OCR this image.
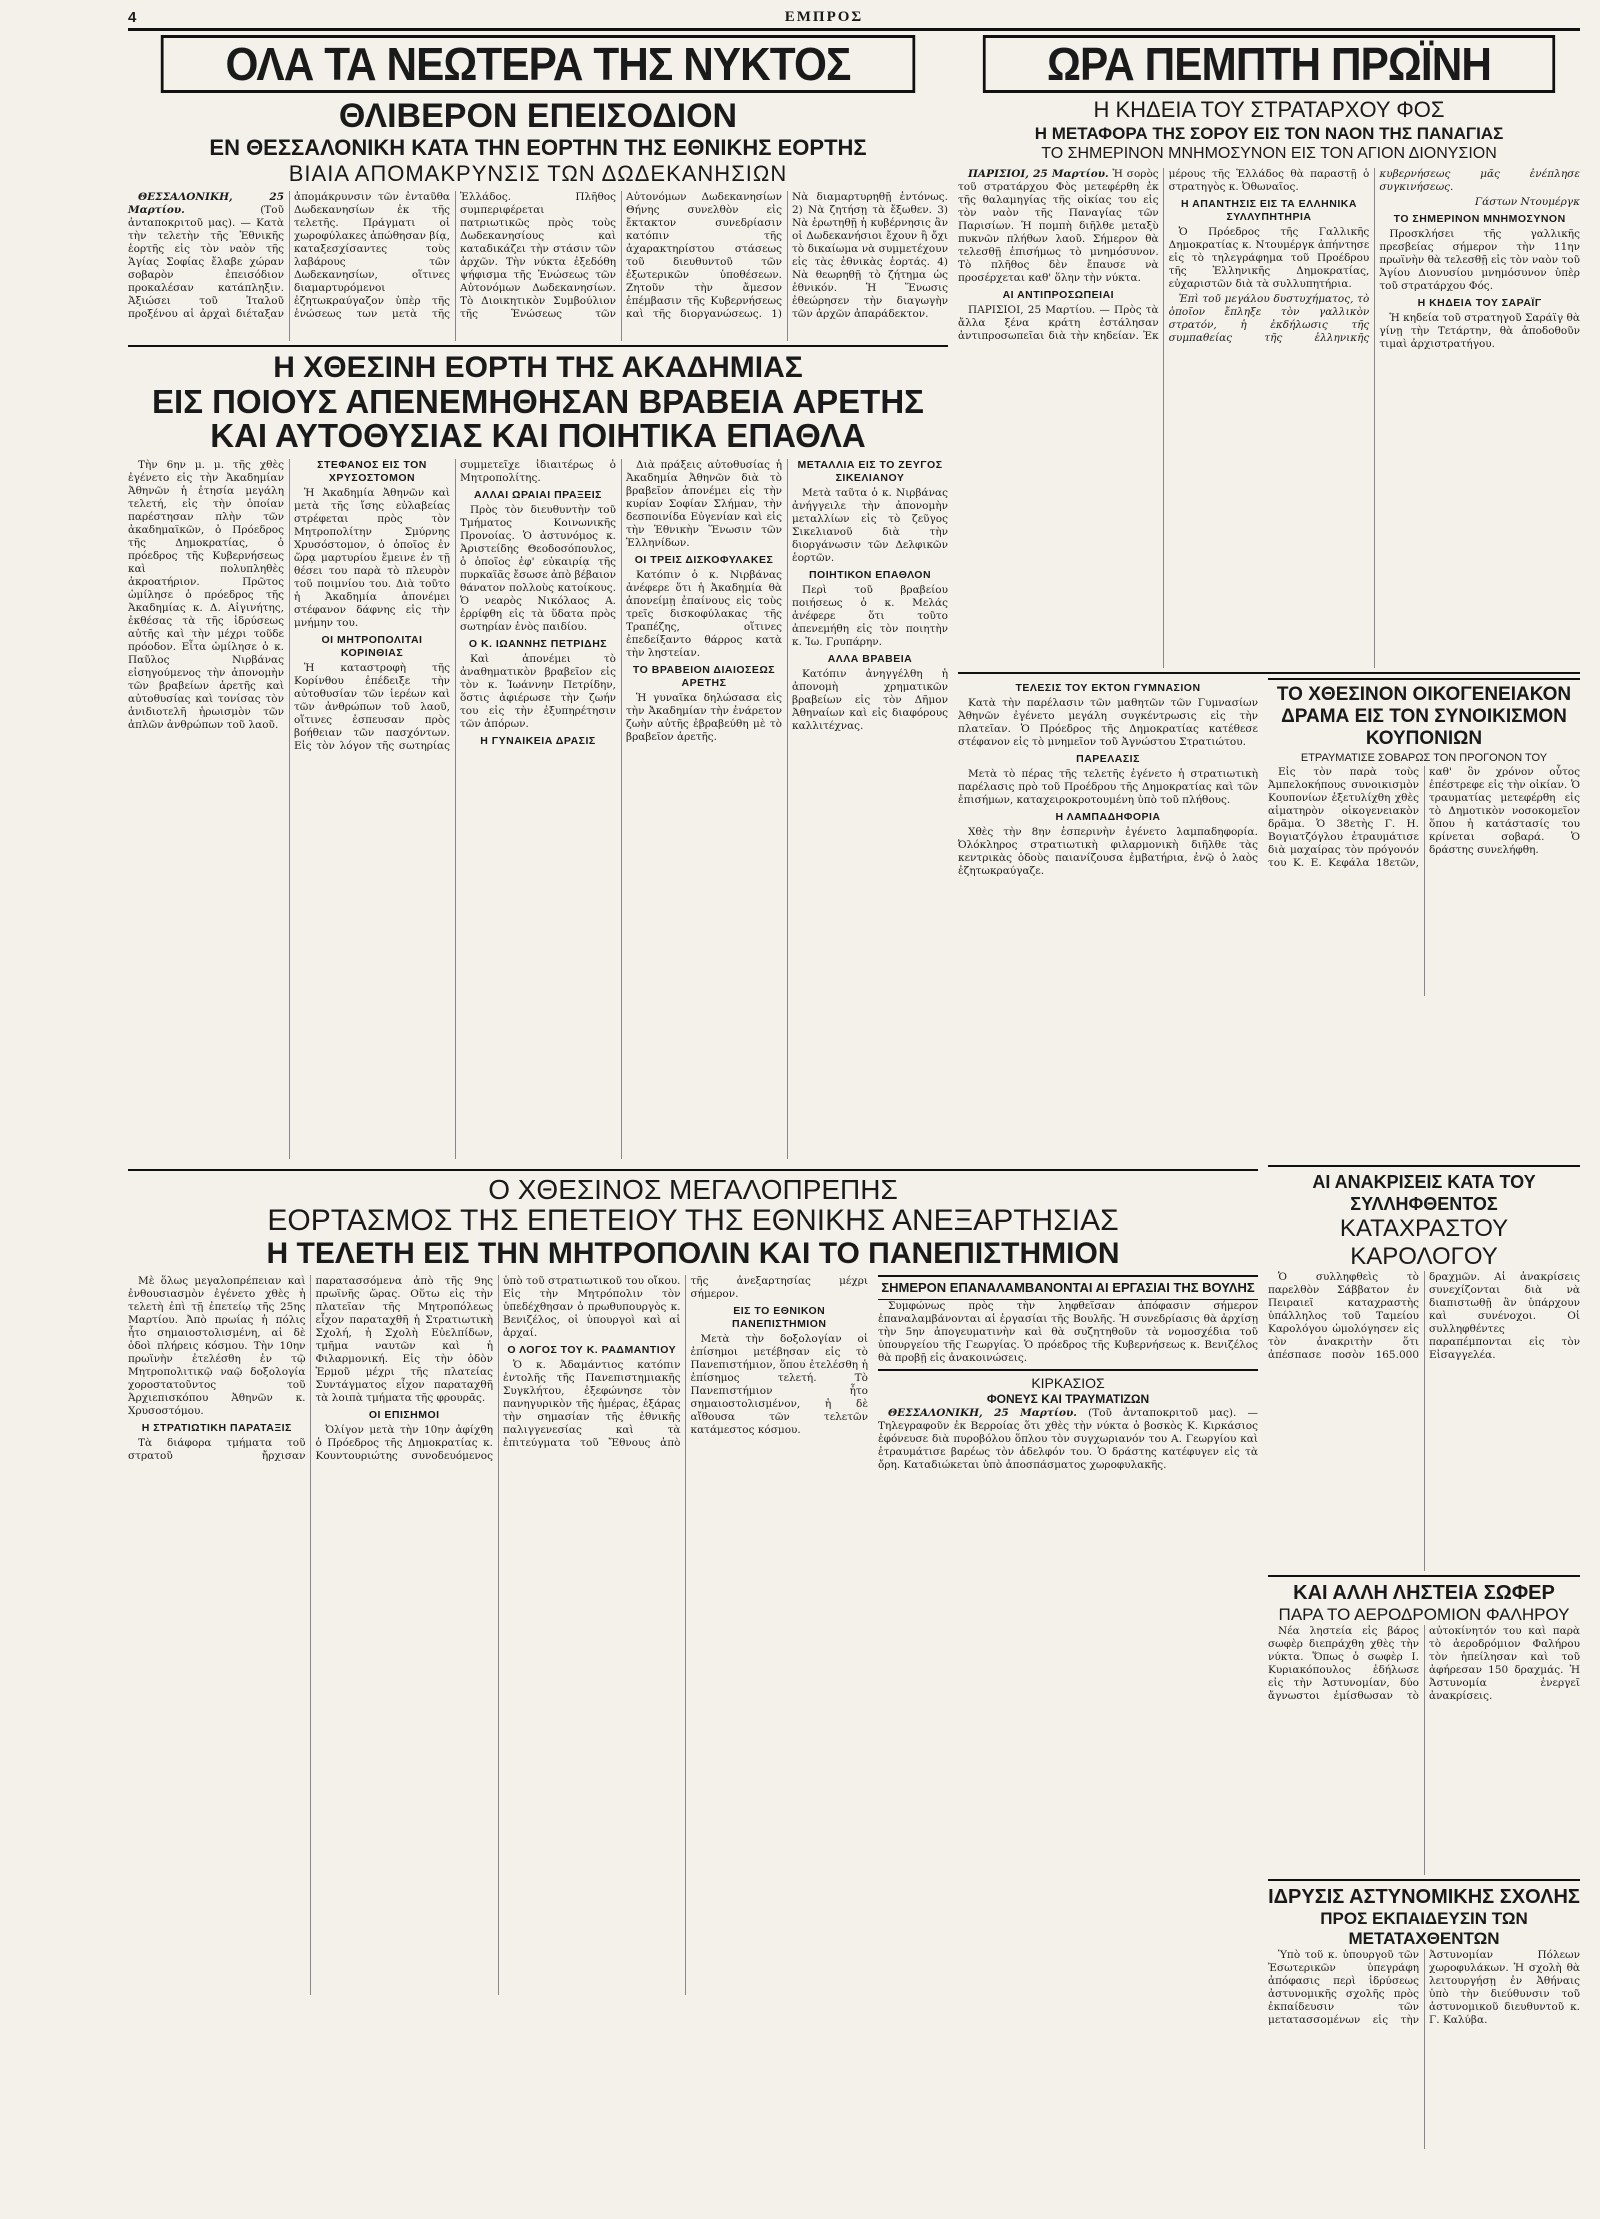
4	ΕΜΠΡΟΣ
ΟΛΑ ΤΑ ΝΕΩΤΕΡΑ ΤΗΣ ΝΥΚΤΟΣ
ΘΛΙΒΕΡΟΝ ΕΠΕΙΣΟΔΙΟΝ
ΕΝ ΘΕΣΣΑΛΟΝΙΚΗ ΚΑΤΑ ΤΗΝ ΕΟΡΤΗΝ ΤΗΣ ΕΘΝΙΚΗΣ ΕΟΡΤΗΣ
ΒΙΑΙΑ ΑΠΟΜΑΚΡΥΝΣΙΣ ΤΩΝ ΔΩΔΕΚΑΝΗΣΙΩΝ

ΘΕΣΣΑΛΟΝΙΚΗ, 25 Μαρτίου.	(Τοῦ ἀνταποκριτοῦ μας). — Κατὰ τὴν τελετὴν τῆς Ἐθνικῆς ἑορτῆς εἰς τὸν ναὸν τῆς Ἁγίας Σοφίας ἔλαβε χώραν σοβαρὸν ἐπεισόδιον προκαλέσαν κατάπληξιν. Ἀξιώσει τοῦ Ἰταλοῦ προξένου αἱ ἀρχαὶ διέταξαν ἀπομάκρυνσιν τῶν ἐνταῦθα Δωδεκανησίων ἐκ τῆς τελετῆς. Πράγματι οἱ χωροφύλακες ἀπώθησαν βίᾳ, καταξεσχίσαντες τοὺς λαβάρους τῶν Δωδεκανησίων, οἵτινες διαμαρτυρόμενοι ἐζητωκραύγαζον ὑπὲρ τῆς ἑνώσεως των μετὰ τῆς Ἑλλάδος. Πλῆθος συμπεριφέρεται πατριωτικῶς πρὸς τοὺς Δωδεκανησίους καὶ καταδικάζει τὴν στάσιν τῶν ἀρχῶν. Τὴν νύκτα ἐξεδόθη ψήφισμα τῆς Ἑνώσεως τῶν Αὐτονόμων Δωδεκανησίων. Τὸ Διοικητικὸν Συμβούλιον τῆς Ἑνώσεως τῶν Αὐτονόμων Δωδεκανησίων Θήνης συνελθὸν εἰς ἔκτακτον συνεδρίασιν κατόπιν τῆς ἀχαρακτηρίστου στάσεως τοῦ διευθυντοῦ τῶν ἐξωτερικῶν ὑποθέσεων. Ζητοῦν τὴν ἄμεσον ἐπέμβασιν τῆς Κυβερνήσεως καὶ τῆς διοργανώσεως. 1) Νὰ διαμαρτυρηθῇ ἐντόνως. 2) Νὰ ζητήσῃ τὰ ἔξωθεν. 3) Νὰ ἐρωτηθῇ ἡ κυβέρνησις ἂν οἱ Δωδεκανήσιοι ἔχουν ἢ ὄχι τὸ δικαίωμα νὰ συμμετέχουν εἰς τὰς ἐθνικὰς ἑορτάς. 4) Νὰ θεωρηθῇ τὸ ζήτημα ὡς ἐθνικόν. Ἡ Ἕνωσις ἐθεώρησεν τὴν διαγωγὴν τῶν ἀρχῶν ἀπαράδεκτον.

Η ΧΘΕΣΙΝΗ ΕΟΡΤΗ ΤΗΣ ΑΚΑΔΗΜΙΑΣ
ΕΙΣ ΠΟΙΟΥΣ ΑΠΕΝΕΜΗΘΗΣΑΝ ΒΡΑΒΕΙΑ ΑΡΕΤΗΣ ΚΑΙ ΑΥΤΟΘΥΣΙΑΣ ΚΑΙ ΠΟΙΗΤΙΚΑ ΕΠΑΘΛΑ

Τὴν 6ην μ. μ. τῆς χθὲς ἐγένετο εἰς τὴν Ἀκαδημίαν Ἀθηνῶν ἡ ἐτησία μεγάλη τελετή, εἰς τὴν ὁποίαν παρέστησαν πλὴν τῶν ἀκαδημαϊκῶν, ὁ Πρόεδρος τῆς Δημοκρατίας, ὁ πρόεδρος τῆς Κυβερνήσεως καὶ πολυπληθὲς ἀκροατήριον. Πρῶτος ὡμίλησε ὁ πρόεδρος τῆς Ἀκαδημίας κ. Δ. Αἰγινήτης, ἐκθέσας τὰ τῆς ἱδρύσεως αὐτῆς καὶ τὴν μέχρι τοῦδε πρόοδον. Εἶτα ὡμίλησε ὁ κ. Παῦλος Νιρβάνας εἰσηγούμενος τὴν ἀπονομὴν τῶν βραβείων ἀρετῆς καὶ αὐτοθυσίας καὶ τονίσας τὸν ἀνιδιοτελῆ ἡρωισμὸν τῶν ἀπλῶν ἀνθρώπων τοῦ λαοῦ.

ΣΤΕΦΑΝΟΣ ΕΙΣ ΤΟΝ ΧΡΥΣΟΣΤΟΜΟΝ

Ἡ Ἀκαδημία Ἀθηνῶν καὶ μετὰ τῆς ἴσης εὐλαβείας στρέφεται πρὸς τὸν Μητροπολίτην Σμύρνης Χρυσόστομον, ὁ ὁποῖος ἐν ὥρᾳ μαρτυρίου ἔμεινε ἐν τῇ θέσει του παρὰ τὸ πλευρὸν τοῦ ποιμνίου του. Διὰ τοῦτο ἡ Ἀκαδημία ἀπονέμει στέφανον δάφνης εἰς τὴν μνήμην του.

ΟΙ ΜΗΤΡΟΠΟΛΙΤΑΙ ΚΟΡΙΝΘΙΑΣ

Ἡ καταστροφὴ τῆς Κορίνθου ἐπέδειξε τὴν αὐτοθυσίαν τῶν ἱερέων καὶ τῶν ἀνθρώπων τοῦ λαοῦ, οἵτινες ἐσπευσαν πρὸς βοήθειαν τῶν πασχόντων. Εἰς τὸν λόγον τῆς σωτηρίας συμμετεῖχε ἰδιαιτέρως ὁ Μητροπολίτης.

ΑΛΛΑΙ ΩΡΑΙΑΙ ΠΡΑΞΕΙΣ

Πρὸς τὸν διευθυντὴν τοῦ Τμήματος Κοινωνικῆς Προνοίας. Ὁ ἀστυνόμος κ. Ἀριστείδης Θεοδοσόπουλος, ὁ ὁποῖος ἐφ' εὐκαιρίᾳ τῆς πυρκαϊᾶς ἔσωσε ἀπὸ βέβαιον θάνατον πολλοὺς κατοίκους. Ὁ νεαρὸς Νικόλαος Α. ἐρρίφθη εἰς τὰ ὕδατα πρὸς σωτηρίαν ἑνὸς παιδίου.

Ο Κ. ΙΩΑΝΝΗΣ ΠΕΤΡΙΔΗΣ

Καὶ ἀπονέμει τὸ ἀναθηματικὸν βραβεῖον εἰς τὸν κ. Ἰωάννην Πετρίδην, ὅστις ἀφιέρωσε τὴν ζωήν του εἰς τὴν ἐξυπηρέτησιν τῶν ἀπόρων.

Η ΓΥΝΑΙΚΕΙΑ ΔΡΑΣΙΣ

Διὰ πράξεις αὐτοθυσίας ἡ Ἀκαδημία Ἀθηνῶν διὰ τὸ βραβεῖον ἀπονέμει εἰς τὴν κυρίαν Σοφίαν Σλήμαν, τὴν δεσποινίδα Εὐγενίαν καὶ εἰς τὴν Ἐθνικὴν Ἕνωσιν τῶν Ἑλληνίδων.

ΟΙ ΤΡΕΙΣ ΔΙΣΚΟΦΥΛΑΚΕΣ

Κατόπιν ὁ κ. Νιρβάνας ἀνέφερε ὅτι ἡ Ἀκαδημία θὰ ἀπονείμῃ ἐπαίνους εἰς τοὺς τρεῖς δισκοφύλακας τῆς Τραπέζης, οἵτινες ἐπεδείξαντο θάρρος κατὰ τὴν ληστείαν.

ΤΟ ΒΡΑΒΕΙΟΝ ΔΙΑΙΟΣΕΩΣ ΑΡΕΤΗΣ

Ἡ γυναῖκα δηλώσασα εἰς τὴν Ἀκαδημίαν τὴν ἐνάρετον ζωὴν αὐτῆς ἐβραβεύθη μὲ τὸ βραβεῖον ἀρετῆς.

ΜΕΤΑΛΛΙΑ ΕΙΣ ΤΟ ΖΕΥΓΟΣ ΣΙΚΕΛΙΑΝΟΥ

Μετὰ ταῦτα ὁ κ. Νιρβάνας ἀνήγγειλε τὴν ἀπονομὴν μεταλλίων εἰς τὸ ζεῦγος Σικελιανοῦ διὰ τὴν διοργάνωσιν τῶν Δελφικῶν ἑορτῶν.

ΠΟΙΗΤΙΚΟΝ ΕΠΑΘΛΟΝ

Περὶ τοῦ βραβείου ποιήσεως ὁ κ. Μελάς ἀνέφερε ὅτι τοῦτο ἀπενεμήθη εἰς τὸν ποιητὴν κ. Ἰω. Γρυπάρην.

ΑΛΛΑ ΒΡΑΒΕΙΑ

Κατόπιν ἀνηγγέλθη ἡ ἀπονομὴ χρηματικῶν βραβείων εἰς τὸν Δῆμον Ἀθηναίων καὶ εἰς διαφόρους καλλιτέχνας.

ΩΡΑ ΠΕΜΠΤΗ ΠΡΩΪΝΗ
Η ΚΗΔΕΙΑ ΤΟΥ ΣΤΡΑΤΑΡΧΟΥ ΦΟΣ
Η ΜΕΤΑΦΟΡΑ ΤΗΣ ΣΟΡΟΥ ΕΙΣ ΤΟΝ ΝΑΟΝ ΤΗΣ ΠΑΝΑΓΙΑΣ
ΤΟ ΣΗΜΕΡΙΝΟΝ ΜΝΗΜΟΣΥΝΟΝ ΕΙΣ ΤΟΝ ΑΓΙΟΝ ΔΙΟΝΥΣΙΟΝ

ΠΑΡΙΣΙΟΙ, 25 Μαρτίου. Ἡ σορὸς τοῦ στρατάρχου Φὸς μετεφέρθη ἐκ τῆς θαλαμηγίας τῆς οἰκίας του εἰς τὸν ναὸν τῆς Παναγίας τῶν Παρισίων. Ἡ πομπὴ διῆλθε μεταξὺ πυκνῶν πλήθων λαοῦ. Σήμερον θὰ τελεσθῇ ἐπισήμως τὸ μνημόσυνον. Τὸ πλῆθος δὲν ἔπαυσε νὰ προσέρχεται καθ' ὅλην τὴν νύκτα.

ΑΙ ΑΝΤΙΠΡΟΣΩΠΕΙΑΙ

ΠΑΡΙΣΙΟΙ, 25 Μαρτίου. — Πρὸς τὰ ἄλλα ξένα κράτη ἐστάλησαν ἀντιπροσωπεῖαι διὰ τὴν κηδείαν. Ἐκ μέρους τῆς Ἑλλάδος θὰ παραστῇ ὁ στρατηγὸς κ. Ὀθωναῖος.

Η ΑΠΑΝΤΗΣΙΣ ΕΙΣ ΤΑ ΕΛΛΗΝΙΚΑ ΣΥΛΛΥΠΗΤΗΡΙΑ

Ὁ Πρόεδρος τῆς Γαλλικῆς Δημοκρατίας κ. Ντουμέργκ ἀπήντησε εἰς τὸ τηλεγράφημα τοῦ Προέδρου τῆς Ἑλληνικῆς Δημοκρατίας, εὐχαριστῶν διὰ τὰ συλλυπητήρια.

Ἐπὶ τοῦ μεγάλου δυστυχήματος, τὸ ὁποῖον ἔπληξε τὸν γαλλικὸν στρατόν, ἡ ἐκδήλωσις τῆς συμπαθείας τῆς ἑλληνικῆς κυβερνήσεως μᾶς ἐνέπλησε συγκινήσεως.

Γάστων Ντουμέργκ
ΤΟ ΣΗΜΕΡΙΝΟΝ ΜΝΗΜΟΣΥΝΟΝ

Προσκλήσει τῆς γαλλικῆς πρεσβείας σήμερον τὴν 11ην πρωϊνὴν θὰ τελεσθῇ εἰς τὸν ναὸν τοῦ Ἁγίου Διονυσίου μνημόσυνον ὑπὲρ τοῦ στρατάρχου Φός.

Η ΚΗΔΕΙΑ ΤΟΥ ΣΑΡΑΪΓ

Ἡ κηδεία τοῦ στρατηγοῦ Σαράϊγ θὰ γίνῃ τὴν Τετάρτην, θὰ ἀποδοθοῦν τιμαὶ ἀρχιστρατήγου.

ΤΕΛΕΣΙΣ ΤΟΥ ΕΚΤΟΝ ΓΥΜΝΑΣΙΟΝ

Κατὰ τὴν παρέλασιν τῶν μαθητῶν τῶν Γυμνασίων Ἀθηνῶν ἐγένετο μεγάλη συγκέντρωσις εἰς τὴν πλατεῖαν. Ὁ Πρόεδρος τῆς Δημοκρατίας κατέθεσε στέφανον εἰς τὸ μνημεῖον τοῦ Ἀγνώστου Στρατιώτου.

ΠΑΡΕΛΑΣΙΣ

Μετὰ τὸ πέρας τῆς τελετῆς ἐγένετο ἡ στρατιωτικὴ παρέλασις πρὸ τοῦ Προέδρου τῆς Δημοκρατίας καὶ τῶν ἐπισήμων, καταχειροκροτουμένη ὑπὸ τοῦ πλήθους.

Η ΛΑΜΠΑΔΗΦΟΡΙΑ

Χθὲς τὴν 8ην ἑσπερινὴν ἐγένετο λαμπαδηφορία. Ὀλόκληρος στρατιωτικὴ φιλαρμονικὴ διῆλθε τὰς κεντρικὰς ὁδοὺς παιανίζουσα ἐμβατήρια, ἐνῷ ὁ λαὸς ἐζητωκραύγαζε.

ΤΟ ΧΘΕΣΙΝΟΝ ΟΙΚΟΓΕΝΕΙΑΚΟΝ ΔΡΑΜΑ ΕΙΣ ΤΟΝ ΣΥΝΟΙΚΙΣΜΟΝ ΚΟΥΠΟΝΙΩΝ
ΕΤΡΑΥΜΑΤΙΣΕ ΣΟΒΑΡΩΣ ΤΟΝ ΠΡΟΓΟΝΟΝ ΤΟΥ

Εἰς τὸν παρὰ τοὺς Ἀμπελοκήπους συνοικισμὸν Κουπονίων ἐξετυλίχθη χθὲς αἱματηρὸν οἰκογενειακὸν δρᾶμα. Ὁ 38ετὴς Γ. Η. Βογιατζόγλου ἐτραυμάτισε διὰ μαχαίρας τὸν πρόγονόν του Κ. Ε. Κεφάλα 18ετῶν, καθ' ὃν χρόνον οὗτος ἐπέστρεφε εἰς τὴν οἰκίαν. Ὁ τραυματίας μετεφέρθη εἰς τὸ Δημοτικὸν νοσοκομεῖον ὅπου ἡ κατάστασίς του κρίνεται σοβαρά. Ὁ δράστης συνελήφθη.

Ο ΧΘΕΣΙΝΟΣ ΜΕΓΑΛΟΠΡΕΠΗΣ
ΕΟΡΤΑΣΜΟΣ ΤΗΣ ΕΠΕΤΕΙΟΥ ΤΗΣ ΕΘΝΙΚΗΣ ΑΝΕΞΑΡΤΗΣΙΑΣ
Η ΤΕΛΕΤΗ ΕΙΣ ΤΗΝ ΜΗΤΡΟΠΟΛΙΝ ΚΑΙ ΤΟ ΠΑΝΕΠΙΣΤΗΜΙΟΝ

Μὲ ὅλως μεγαλοπρέπειαν καὶ ἐνθουσιασμὸν ἐγένετο χθὲς ἡ τελετὴ ἐπὶ τῇ ἐπετείῳ τῆς 25ης Μαρτίου. Ἀπὸ πρωίας ἡ πόλις ἦτο σημαιοστολισμένη, αἱ δὲ ὁδοὶ πλήρεις κόσμου. Τὴν 10ην πρωϊνὴν ἐτελέσθη ἐν τῷ Μητροπολιτικῷ ναῷ δοξολογία χοροστατοῦντος τοῦ Ἀρχιεπισκόπου Ἀθηνῶν κ. Χρυσοστόμου.

Η ΣΤΡΑΤΙΩΤΙΚΗ ΠΑΡΑΤΑΞΙΣ

Τὰ διάφορα τμήματα τοῦ στρατοῦ ἤρχισαν παρατασσόμενα ἀπὸ τῆς 9ης πρωϊνῆς ὥρας. Οὕτω εἰς τὴν πλατεῖαν τῆς Μητροπόλεως εἶχον παραταχθῆ ἡ Στρατιωτικὴ Σχολή, ἡ Σχολὴ Εὐελπίδων, τμῆμα ναυτῶν καὶ ἡ Φιλαρμονική. Εἰς τὴν ὁδὸν Ἑρμοῦ μέχρι τῆς πλατείας Συντάγματος εἶχον παραταχθῆ τὰ λοιπὰ τμήματα τῆς φρουρᾶς.

ΟΙ ΕΠΙΣΗΜΟΙ

Ὀλίγον μετὰ τὴν 10ην ἀφίχθη ὁ Πρόεδρος τῆς Δημοκρατίας κ. Κουντουριώτης συνοδευόμενος ὑπὸ τοῦ στρατιωτικοῦ του οἴκου. Εἰς τὴν Μητρόπολιν τὸν ὑπεδέχθησαν ὁ πρωθυπουργὸς κ. Βενιζέλος, οἱ ὑπουργοὶ καὶ αἱ ἀρχαί.

Ο ΛΟΓΟΣ ΤΟΥ Κ. ΡΑΔΜΑΝΤΙΟΥ

Ὁ κ. Ἀδαμάντιος κατόπιν ἐντολῆς τῆς Πανεπιστημιακῆς Συγκλήτου, ἐξεφώνησε τὸν πανηγυρικὸν τῆς ἡμέρας, ἐξάρας τὴν σημασίαν τῆς ἐθνικῆς παλιγγενεσίας καὶ τὰ ἐπιτεύγματα τοῦ Ἔθνους ἀπὸ τῆς ἀνεξαρτησίας μέχρι σήμερον.

ΕΙΣ ΤΟ ΕΘΝΙΚΟΝ ΠΑΝΕΠΙΣΤΗΜΙΟΝ

Μετὰ τὴν δοξολογίαν οἱ ἐπίσημοι μετέβησαν εἰς τὸ Πανεπιστήμιον, ὅπου ἐτελέσθη ἡ ἐπίσημος τελετή. Τὸ Πανεπιστήμιον ἦτο σημαιοστολισμένον, ἡ δὲ αἴθουσα τῶν τελετῶν κατάμεστος κόσμου.

ΣΗΜΕΡΟΝ ΕΠΑΝΑΛΑΜΒΑΝΟΝΤΑΙ ΑΙ ΕΡΓΑΣΙΑΙ ΤΗΣ ΒΟΥΛΗΣ

Συμφώνως πρὸς τὴν ληφθεῖσαν ἀπόφασιν σήμερον ἐπαναλαμβάνονται αἱ ἐργασίαι τῆς Βουλῆς. Ἡ συνεδρίασις θὰ ἀρχίσῃ τὴν 5ην ἀπογευματινὴν καὶ θὰ συζητηθοῦν τὰ νομοσχέδια τοῦ ὑπουργείου τῆς Γεωργίας. Ὁ πρόεδρος τῆς Κυβερνήσεως κ. Βενιζέλος θὰ προβῇ εἰς ἀνακοινώσεις.

ΚΙΡΚΑΣΙΟΣ
ΦΟΝΕΥΣ ΚΑΙ ΤΡΑΥΜΑΤΙΖΩΝ

ΘΕΣΣΑΛΟΝΙΚΗ, 25 Μαρτίου. (Τοῦ ἀνταποκριτοῦ μας). — Τηλεγραφοῦν ἐκ Βερροίας ὅτι χθὲς τὴν νύκτα ὁ βοσκὸς Κ. Κιρκάσιος ἐφόνευσε διὰ πυροβόλου ὅπλου τὸν συγχωριανόν του Α. Γεωργίου καὶ ἐτραυμάτισε βαρέως τὸν ἀδελφόν του. Ὁ δράστης κατέφυγεν εἰς τὰ ὄρη. Καταδιώκεται ὑπὸ ἀποσπάσματος χωροφυλακῆς.

ΑΙ ΑΝΑΚΡΙΣΕΙΣ ΚΑΤΑ ΤΟΥ ΣΥΛΛΗΦΘΕΝΤΟΣ
ΚΑΤΑΧΡΑΣΤΟΥ ΚΑΡΟΛΟΓΟΥ

Ὁ συλληφθεὶς τὸ παρελθὸν Σάββατον ἐν Πειραιεῖ καταχραστὴς ὑπάλληλος τοῦ Ταμείου Καρολόγου ὡμολόγησεν εἰς τὸν ἀνακριτὴν ὅτι ἀπέσπασε ποσὸν 165.000 δραχμῶν. Αἱ ἀνακρίσεις συνεχίζονται διὰ νὰ διαπιστωθῇ ἂν ὑπάρχουν καὶ συνένοχοι. Οἱ συλληφθέντες παραπέμπονται εἰς τὸν Εἰσαγγελέα.

ΚΑΙ ΑΛΛΗ ΛΗΣΤΕΙΑ ΣΩΦΕΡ
ΠΑΡΑ ΤΟ ΑΕΡΟΔΡΟΜΙΟΝ ΦΑΛΗΡΟΥ

Νέα ληστεία εἰς βάρος σωφὲρ διεπράχθη χθὲς τὴν νύκτα. Ὅπως ὁ σωφὲρ Ι. Κυριακόπουλος ἐδήλωσε εἰς τὴν Ἀστυνομίαν, δύο ἄγνωστοι ἐμίσθωσαν τὸ αὐτοκίνητόν του καὶ παρὰ τὸ ἀεροδρόμιον Φαλήρου τὸν ἠπείλησαν καὶ τοῦ ἀφήρεσαν 150 δραχμάς. Ἡ Ἀστυνομία ἐνεργεῖ ἀνακρίσεις.

ΙΔΡΥΣΙΣ ΑΣΤΥΝΟΜΙΚΗΣ ΣΧΟΛΗΣ
ΠΡΟΣ ΕΚΠΑΙΔΕΥΣΙΝ ΤΩΝ ΜΕΤΑΤΑΧΘΕΝΤΩΝ

Ὑπὸ τοῦ κ. ὑπουργοῦ τῶν Ἐσωτερικῶν ὑπεγράφη ἀπόφασις περὶ ἱδρύσεως ἀστυνομικῆς σχολῆς πρὸς ἐκπαίδευσιν τῶν μετατασσομένων εἰς τὴν Ἀστυνομίαν Πόλεων χωροφυλάκων. Ἡ σχολὴ θὰ λειτουργήσῃ ἐν Ἀθήναις ὑπὸ τὴν διεύθυνσιν τοῦ ἀστυνομικοῦ διευθυντοῦ κ. Γ. Καλύβα.
